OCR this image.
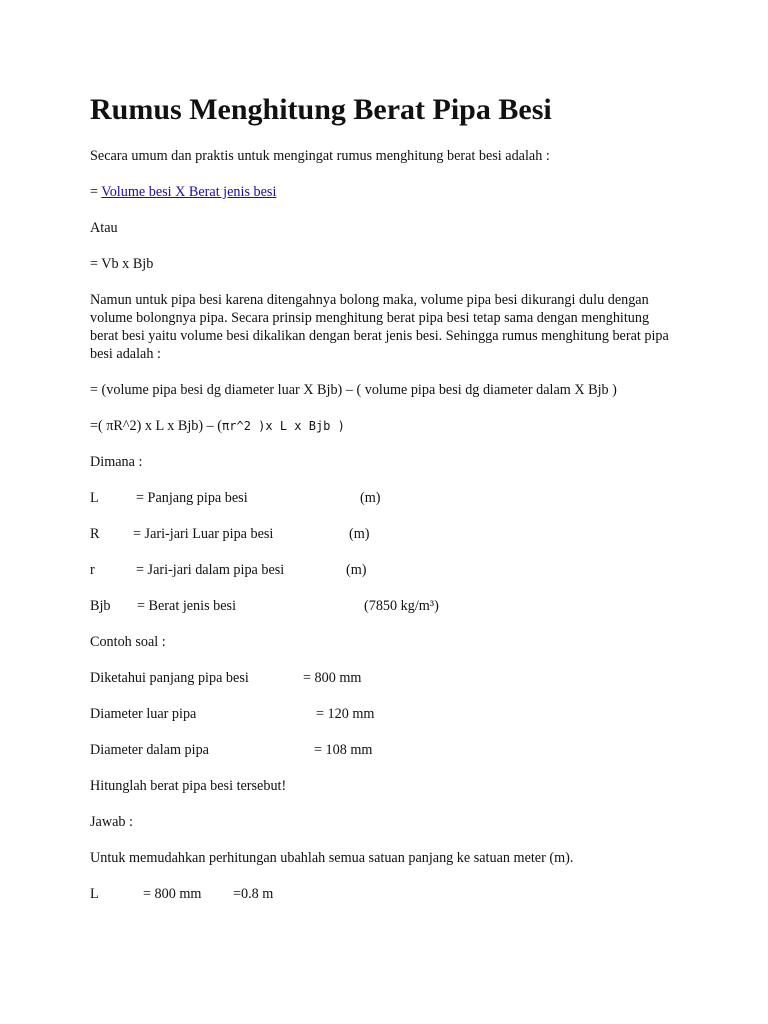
Rumus Menghitung Berat Pipa Besi
Secara umum dan praktis untuk mengingat rumus menghitung berat besi adalah :
= Volume besi X Berat jenis besi
Atau
= Vb x Bjb
Namun untuk pipa besi karena ditengahnya bolong maka, volume pipa besi dikurangi dulu dengan volume bolongnya pipa. Secara prinsip menghitung berat pipa besi tetap sama dengan menghitung berat besi yaitu volume besi dikalikan dengan berat jenis besi. Sehingga rumus menghitung berat pipa besi adalah :
= (volume pipa besi dg diameter luar X Bjb) – ( volume pipa besi dg diameter dalam X Bjb )
=( πR^2) x L x Bjb) – (πr^2 )x L x Bjb )
Dimana :
L	= Panjang pipa besi	(m)
R = Jari-jari Luar pipa besi	(m)
r	= Jari-jari dalam pipa besi	(m)
Bjb = Berat jenis besi	(7850 kg/m³)
Contoh soal :
Diketahui panjang pipa besi	= 800 mm
Diameter luar pipa	= 120 mm
Diameter dalam pipa	= 108 mm
Hitunglah berat pipa besi tersebut!
Jawab :
Untuk memudahkan perhitungan ubahlah semua satuan panjang ke satuan meter (m).
L	= 800 mm =0.8 m
